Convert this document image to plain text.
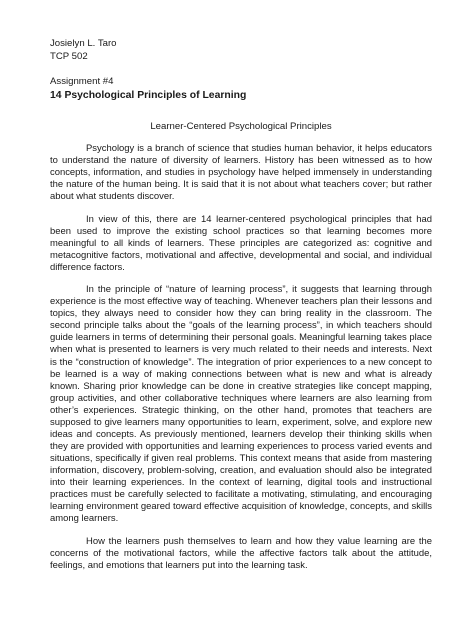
Josielyn L. Taro

TCP 502

Assignment #4

14 Psychological Principles of Learning

Learner-Centered Psychological Principles

Psychology is a branch of science that studies human behavior, it helps educators to understand the nature of diversity of learners. History has been witnessed as to how concepts, information, and studies in psychology have helped immensely in understanding the nature of the human being. It is said that it is not about what teachers cover; but rather about what students discover.

In view of this, there are 14 learner-centered psychological principles that had been used to improve the existing school practices so that learning becomes more meaningful to all kinds of learners. These principles are categorized as: cognitive and metacognitive factors, motivational and affective, developmental and social, and individual difference factors.

In the principle of “nature of learning process”, it suggests that learning through experience is the most effective way of teaching. Whenever teachers plan their lessons and topics, they always need to consider how they can bring reality in the classroom. The second principle talks about the “goals of the learning process”, in which teachers should guide learners in terms of determining their personal goals. Meaningful learning takes place when what is presented to learners is very much related to their needs and interests. Next is the “construction of knowledge”. The integration of prior experiences to a new concept to be learned is a way of making connections between what is new and what is already known. Sharing prior knowledge can be done in creative strategies like concept mapping, group activities, and other collaborative techniques where learners are also learning from other’s experiences. Strategic thinking, on the other hand, promotes that teachers are supposed to give learners many opportunities to learn, experiment, solve, and explore new ideas and concepts. As previously mentioned, learners develop their thinking skills when they are provided with opportunities and learning experiences to process varied events and situations, specifically if given real problems. This context means that aside from mastering information, discovery, problem-solving, creation, and evaluation should also be integrated into their learning experiences. In the context of learning, digital tools and instructional practices must be carefully selected to facilitate a motivating, stimulating, and encouraging learning environment geared toward effective acquisition of knowledge, concepts, and skills among learners.

How the learners push themselves to learn and how they value learning are the concerns of the motivational factors, while the affective factors talk about the attitude, feelings, and emotions that learners put into the learning task.
